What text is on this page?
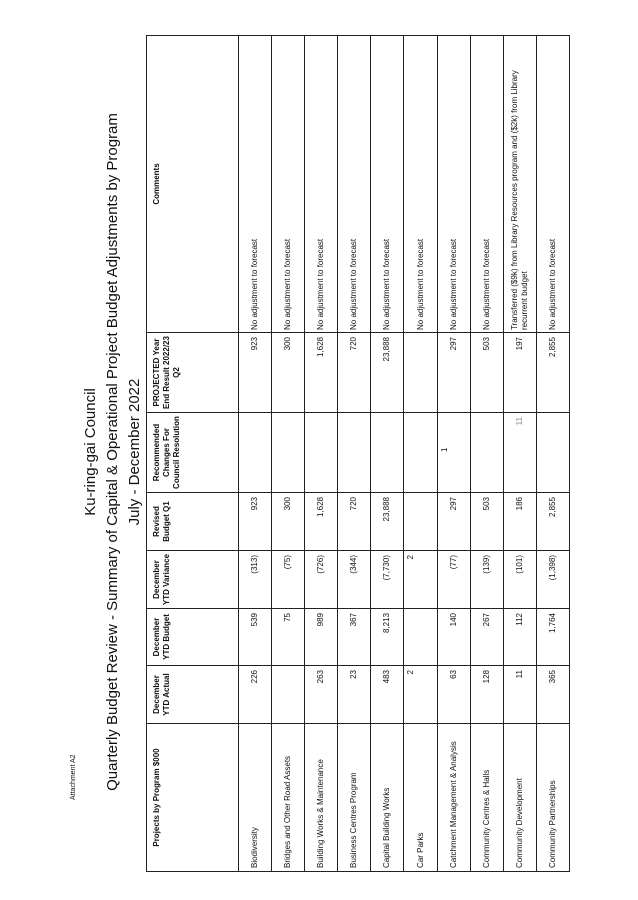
Attachment A2
1
Ku-ring-gai Council Quarterly Budget Review - Summary of Capital & Operational Project Budget Adjustments by Program July - December 2022
Projects by Program $000	December YTD Actual	December YTD Budget	December YTD Variance	Revised Budget Q1	Recommended Changes For Council Resolution	PROJECTED Year End Result 2022/23 Q2	Comments
Biodiversity	226	539	(313)	923		923	No adjustment to forecast
Bridges and Other Road Assets		75	(75)	300		300	No adjustment to forecast
Building Works & Maintenance	263	989	(726)	1,628		1,628	No adjustment to forecast
Business Centres Program	23	367	(344)	720		720	No adjustment to forecast
Capital Building Works	483	8,213	(7,730)	23,888		23,888	No adjustment to forecast
Car Parks	2		2				No adjustment to forecast
Catchment Management & Analysis	63	140	(77)	297		297	No adjustment to forecast
Community Centres & Halls	128	267	(139)	503		503	No adjustment to forecast
Community Development	11	112	(101)	186	11	197	Transferred ($9k) from Library Resources program and ($2k) from Library recurrent budget
Community Partnerships	365	1,764	(1,398)	2,855		2,855	No adjustment to forecast
